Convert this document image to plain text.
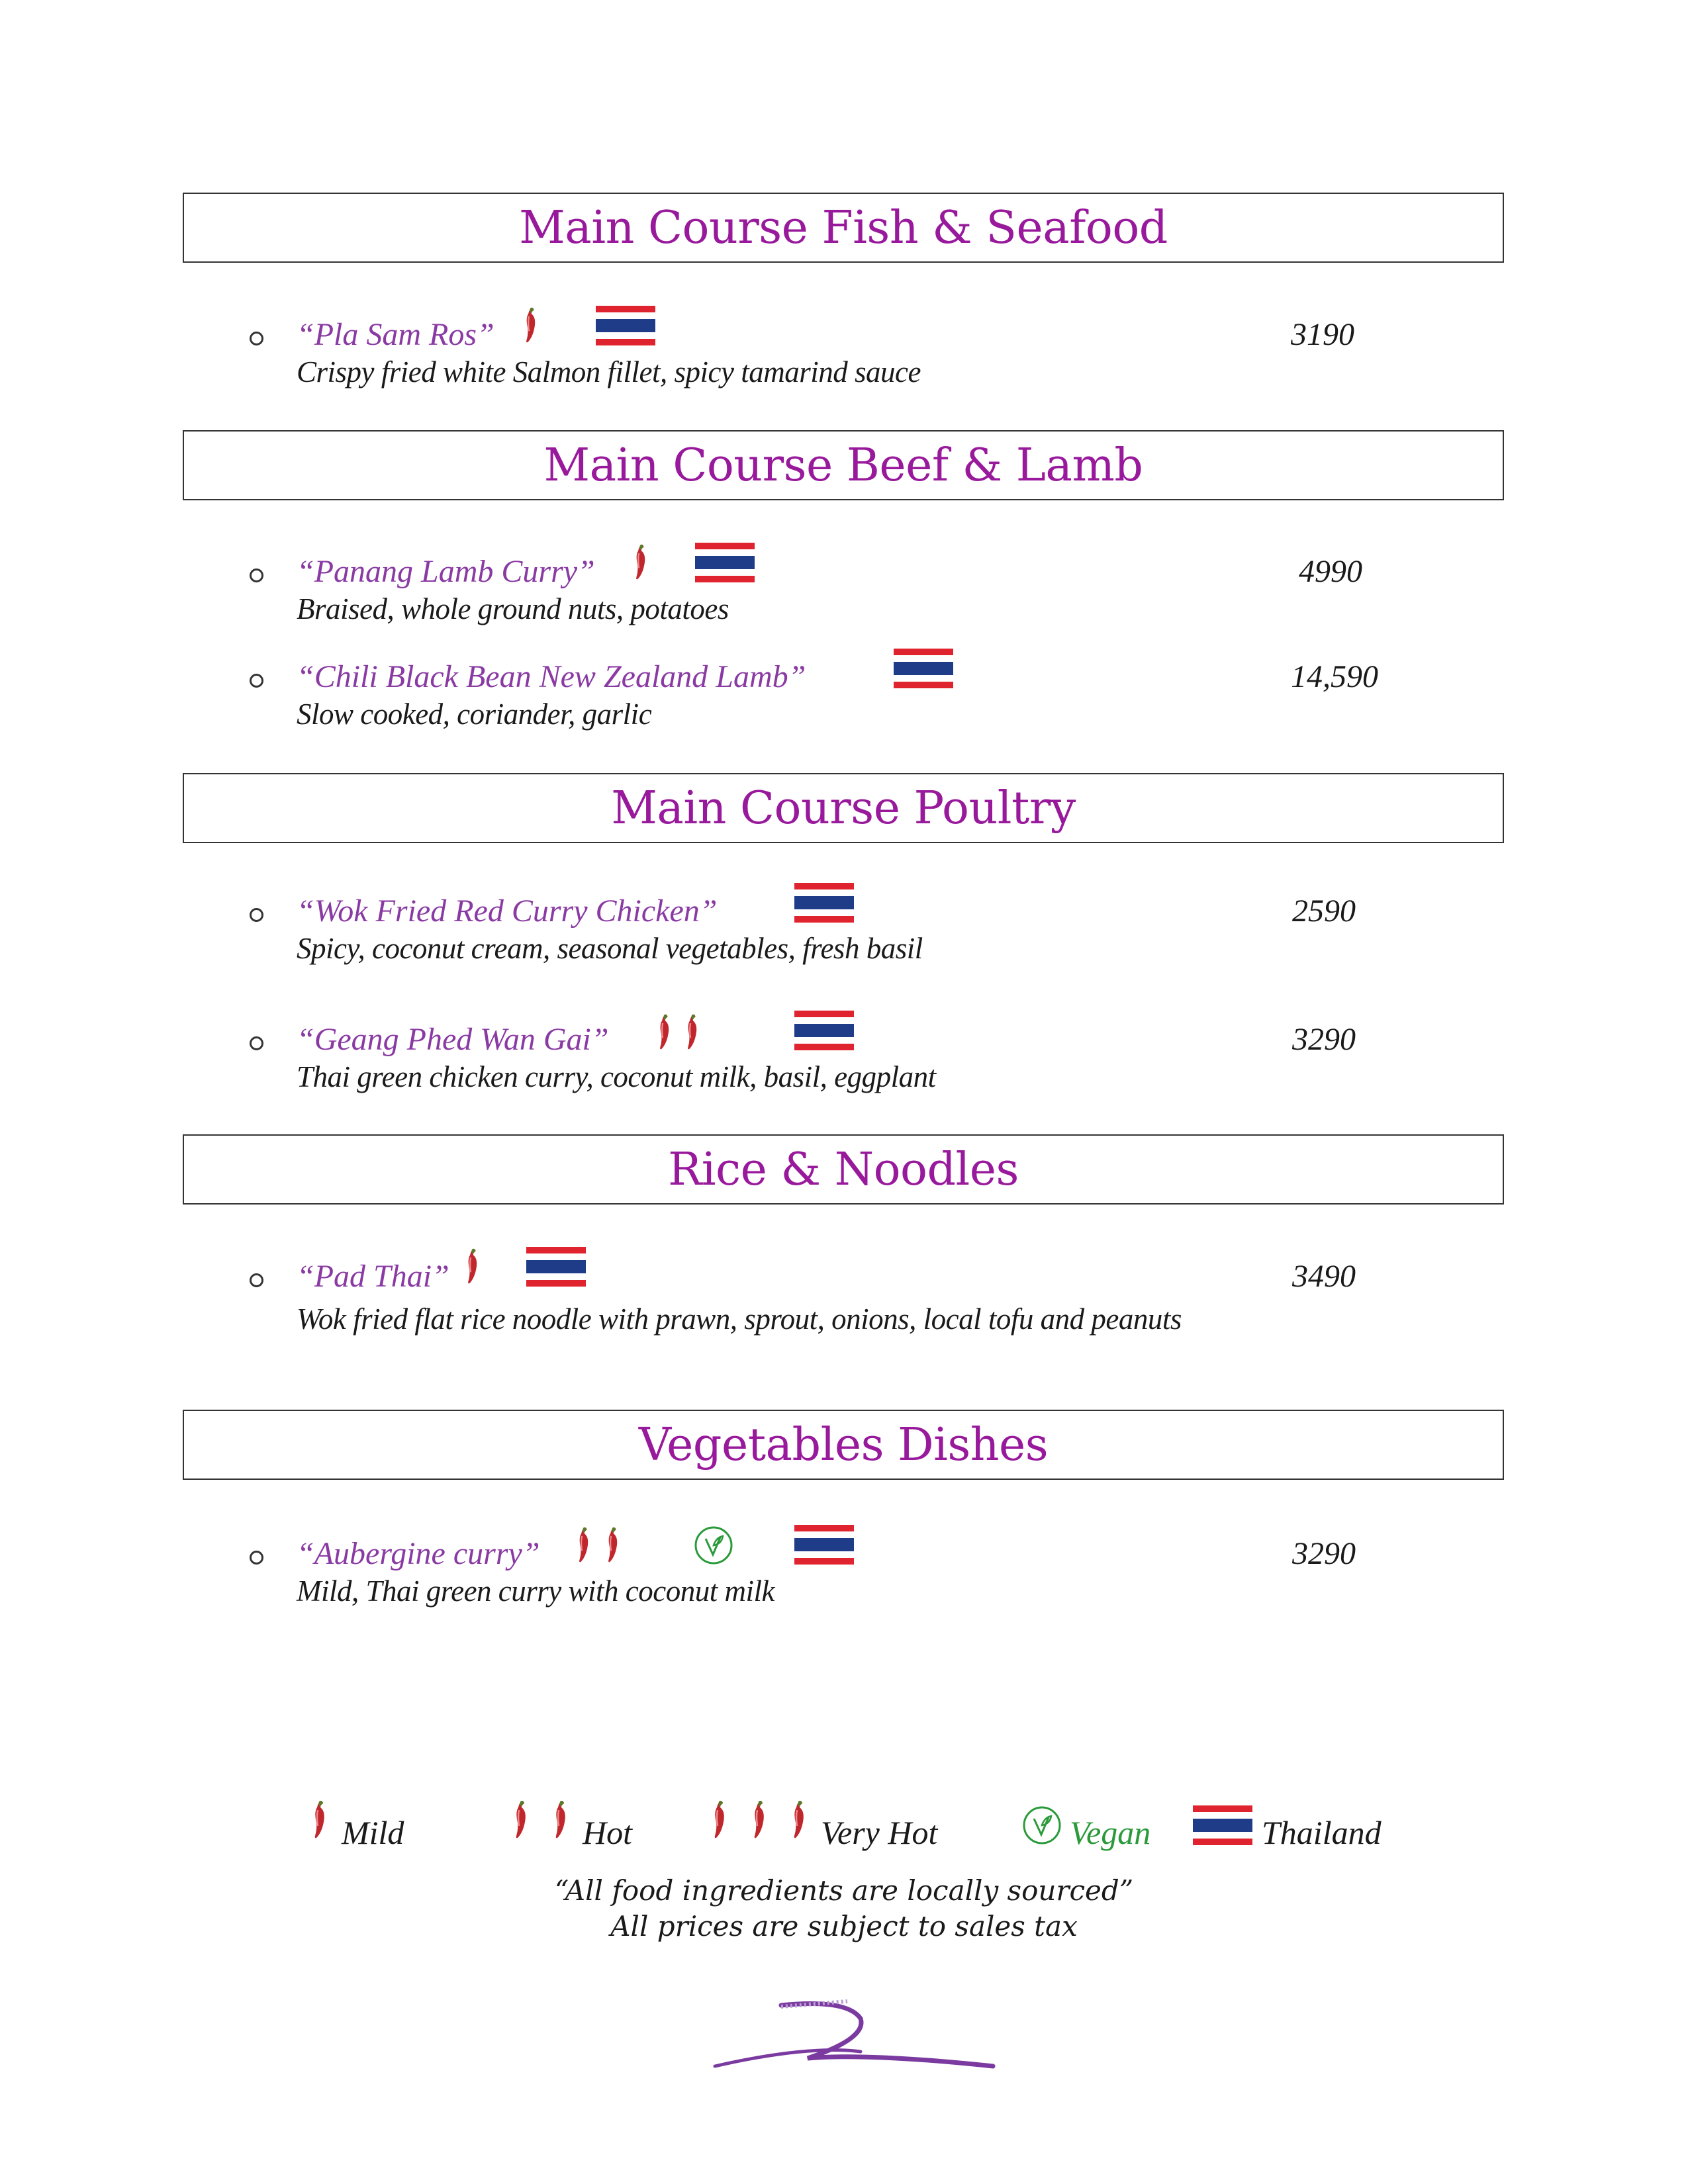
Main Course Fish & Seafood
“Pla Sam Ros”	3190
Crispy fried white Salmon fillet, spicy tamarind sauce
Main Course Beef & Lamb
“Panang Lamb Curry”	4990
Braised, whole ground nuts, potatoes
“Chili Black Bean New Zealand Lamb”	14,590
Slow cooked, coriander, garlic
Main Course Poultry
“Wok Fried Red Curry Chicken”	2590
Spicy, coconut cream, seasonal vegetables, fresh basil
“Geang Phed Wan Gai”	3290
Thai green chicken curry, coconut milk, basil, eggplant
Rice & Noodles
“Pad Thai”	3490
Wok fried flat rice noodle with prawn, sprout, onions, local tofu and peanuts
Vegetables Dishes
“Aubergine curry”	3290
Mild, Thai green curry with coconut milk
Mild	Hot	Very Hot	Vegan	Thailand
“All food ingredients are locally sourced”
All prices are subject to sales tax
